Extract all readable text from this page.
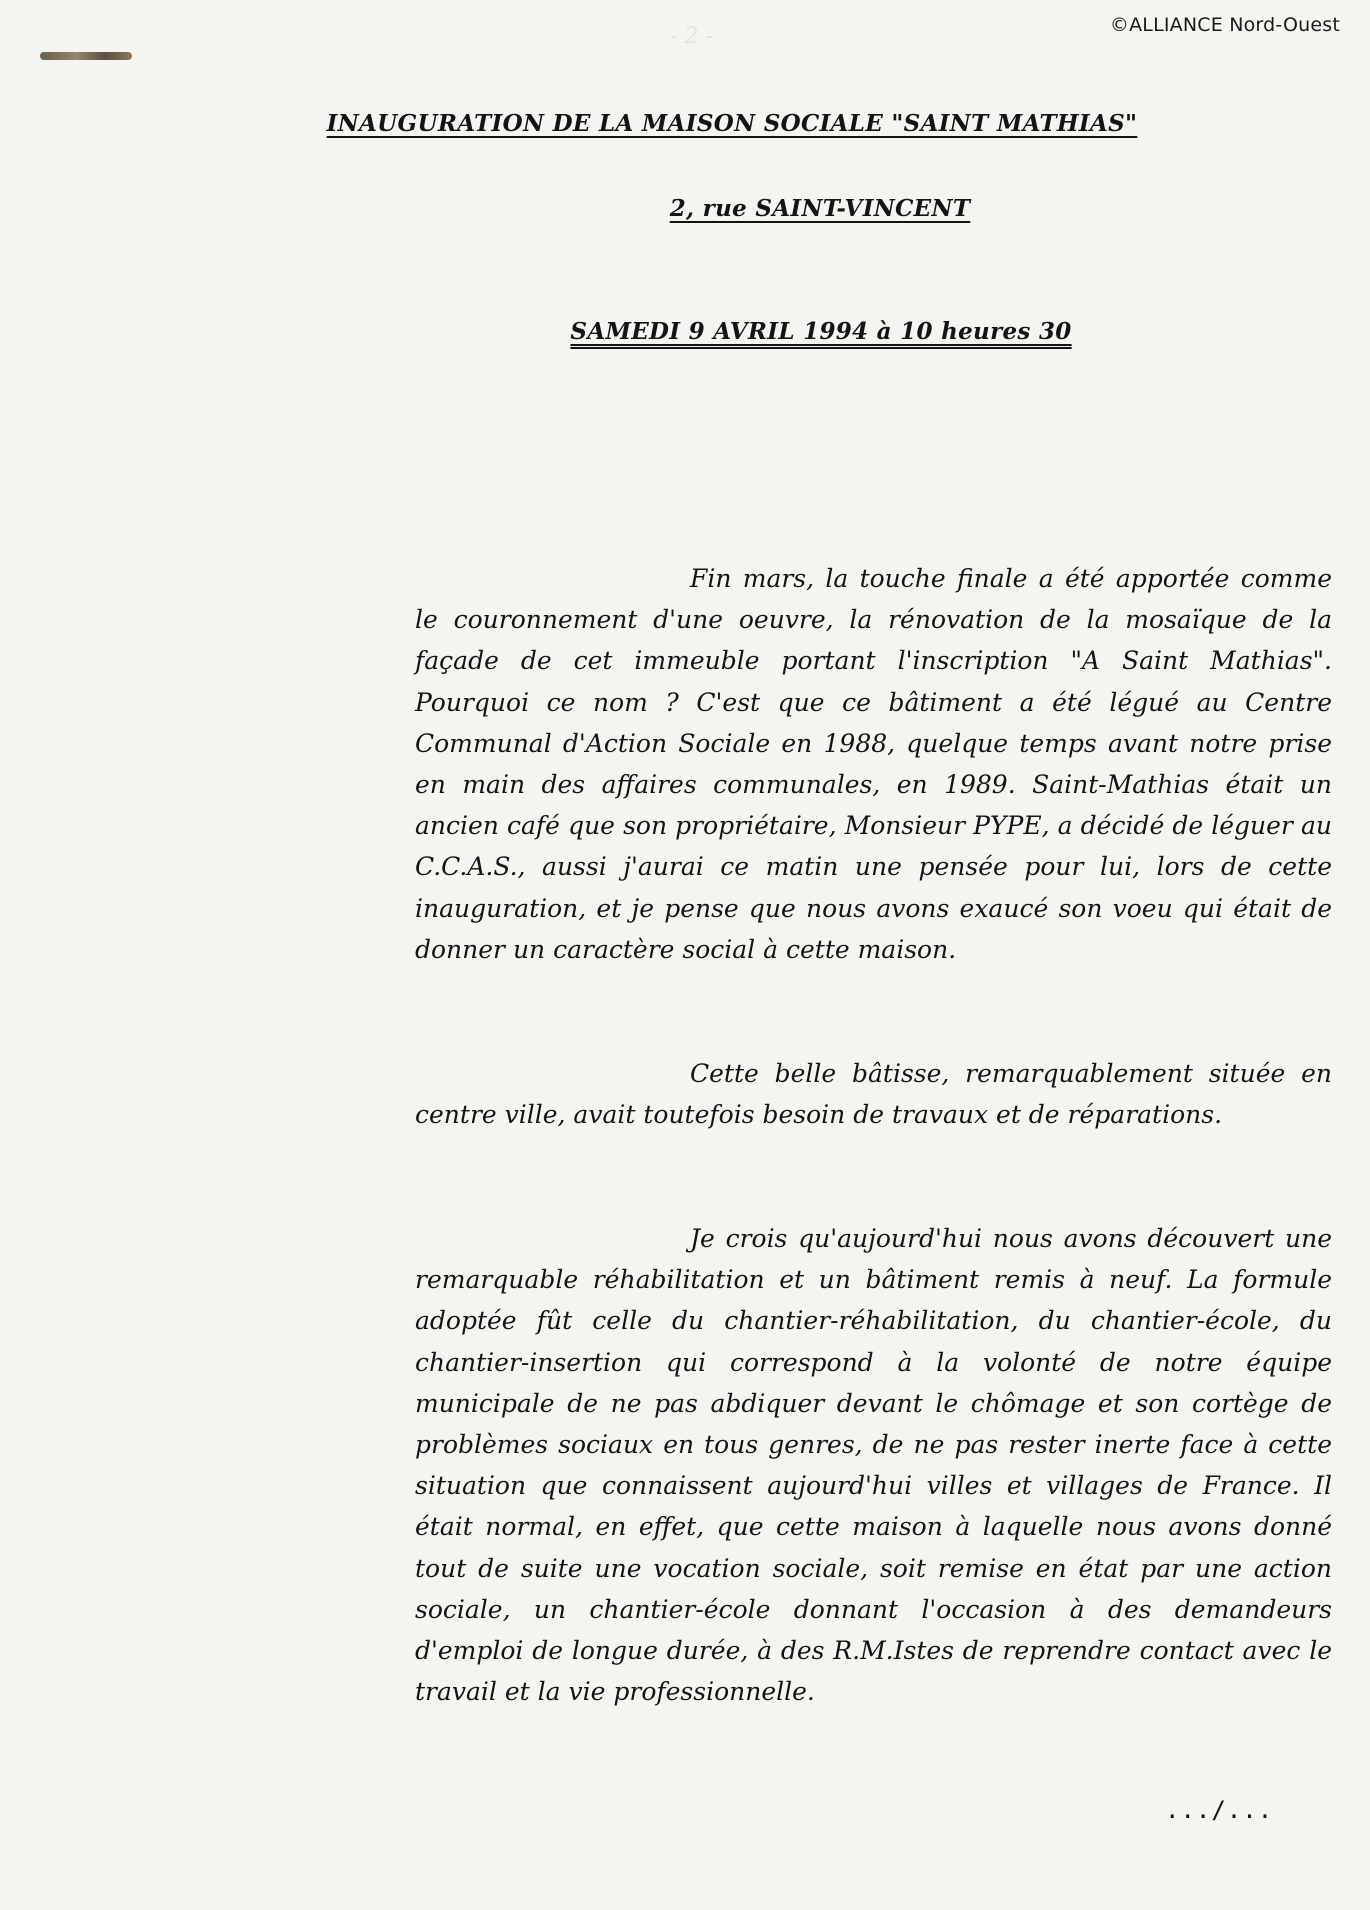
©ALLIANCE Nord-Ouest
- 2 -
INAUGURATION DE LA MAISON SOCIALE "SAINT MATHIAS"
2, rue SAINT-VINCENT
SAMEDI 9 AVRIL 1994 à 10 heures 30
Fin mars, la touche finale a été apportée comme le couronnement d'une oeuvre, la rénovation de la mosaïque de la façade de cet immeuble portant l'inscription "A Saint Mathias". Pourquoi ce nom ? C'est que ce bâtiment a été légué au Centre Communal d'Action Sociale en 1988, quelque temps avant notre prise en main des affaires communales, en 1989. Saint-Mathias était un ancien café que son propriétaire, Monsieur PYPE, a décidé de léguer au C.C.A.S., aussi j'aurai ce matin une pensée pour lui, lors de cette inauguration, et je pense que nous avons exaucé son voeu qui était de donner un caractère social à cette maison.
Cette belle bâtisse, remarquablement située en centre ville, avait toutefois besoin de travaux et de réparations.
Je crois qu'aujourd'hui nous avons découvert une remarquable réhabilitation et un bâtiment remis à neuf. La formule adoptée fût celle du chantier-réhabilitation, du chantier-école, du chantier-insertion qui correspond à la volonté de notre équipe municipale de ne pas abdiquer devant le chômage et son cortège de problèmes sociaux en tous genres, de ne pas rester inerte face à cette situation que connaissent aujourd'hui villes et villages de France. Il était normal, en effet, que cette maison à laquelle nous avons donné tout de suite une vocation sociale, soit remise en état par une action sociale, un chantier-école donnant l'occasion à des demandeurs d'emploi de longue durée, à des R.M.Istes de reprendre contact avec le travail et la vie professionnelle.
.../...
